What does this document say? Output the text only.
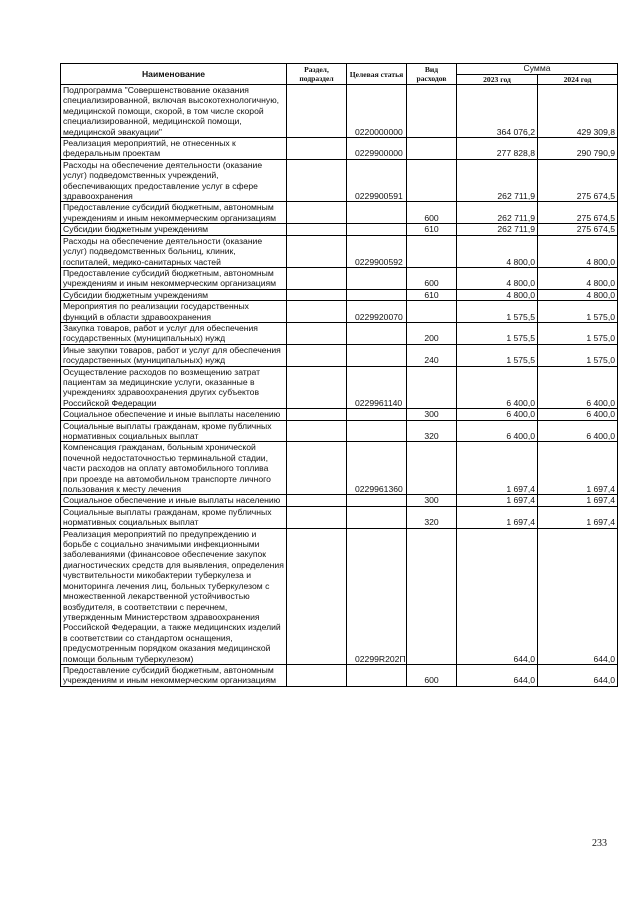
Наименование	Раздел, подраздел	Целевая статья	Вид расходов	Сумма	
				2023 год	2024 год
Подпрограмма "Совершенствование оказания специализированной, включая высокотехнологичную, медицинской помощи, скорой, в том числе скорой специализированной, медицинской помощи, медицинской эвакуации"		0220000000		364 076,2	429 309,8
Реализация мероприятий, не отнесенных к федеральным проектам		0229900000		277 828,8	290 790,9
Расходы на обеспечение деятельности (оказание услуг) подведомственных учреждений, обеспечивающих предоставление услуг в сфере здравоохранения		0229900591		262 711,9	275 674,5
Предоставление субсидий бюджетным, автономным учреждениям и иным некоммерческим организациям			600	262 711,9	275 674,5
Субсидии бюджетным учреждениям			610	262 711,9	275 674,5
Расходы на обеспечение деятельности (оказание услуг) подведомственных больниц, клиник, госпиталей, медико-санитарных частей		0229900592		4 800,0	4 800,0
Предоставление субсидий бюджетным, автономным учреждениям и иным некоммерческим организациям			600	4 800,0	4 800,0
Субсидии бюджетным учреждениям			610	4 800,0	4 800,0
Мероприятия по реализации государственных функций в области здравоохранения		0229920070		1 575,5	1 575,0
Закупка товаров, работ и услуг для обеспечения государственных (муниципальных) нужд			200	1 575,5	1 575,0
Иные закупки товаров, работ и услуг для обеспечения государственных (муниципальных) нужд			240	1 575,5	1 575,0
Осуществление расходов по возмещению затрат пациентам за медицинские услуги, оказанные в учреждениях здравоохранения других субъектов Российской Федерации		0229961140		6 400,0	6 400,0
Социальное обеспечение и иные выплаты населению			300	6 400,0	6 400,0
Социальные выплаты гражданам, кроме публичных нормативных социальных выплат			320	6 400,0	6 400,0
Компенсация гражданам, больным хронической почечной недостаточностью терминальной стадии, части расходов на оплату автомобильного топлива при проезде на автомобильном транспорте личного пользования к месту лечения		0229961360		1 697,4	1 697,4
Социальное обеспечение и иные выплаты населению			300	1 697,4	1 697,4
Социальные выплаты гражданам, кроме публичных нормативных социальных выплат			320	1 697,4	1 697,4
Реализация мероприятий по предупреждению и борьбе с социально значимыми инфекционными заболеваниями (финансовое обеспечение закупок диагностических средств для выявления, определения чувствительности микобактерии туберкулеза и мониторинга лечения лиц, больных туберкулезом с множественной лекарственной устойчивостью возбудителя, в соответствии с перечнем, утвержденным Министерством здравоохранения Российской Федерации, а также медицинских изделий в соответствии со стандартом оснащения, предусмотренным порядком оказания медицинской помощи больным туберкулезом)		02299R202П		644,0	644,0
Предоставление субсидий бюджетным, автономным учреждениям и иным некоммерческим организациям			600	644,0	644,0
233
